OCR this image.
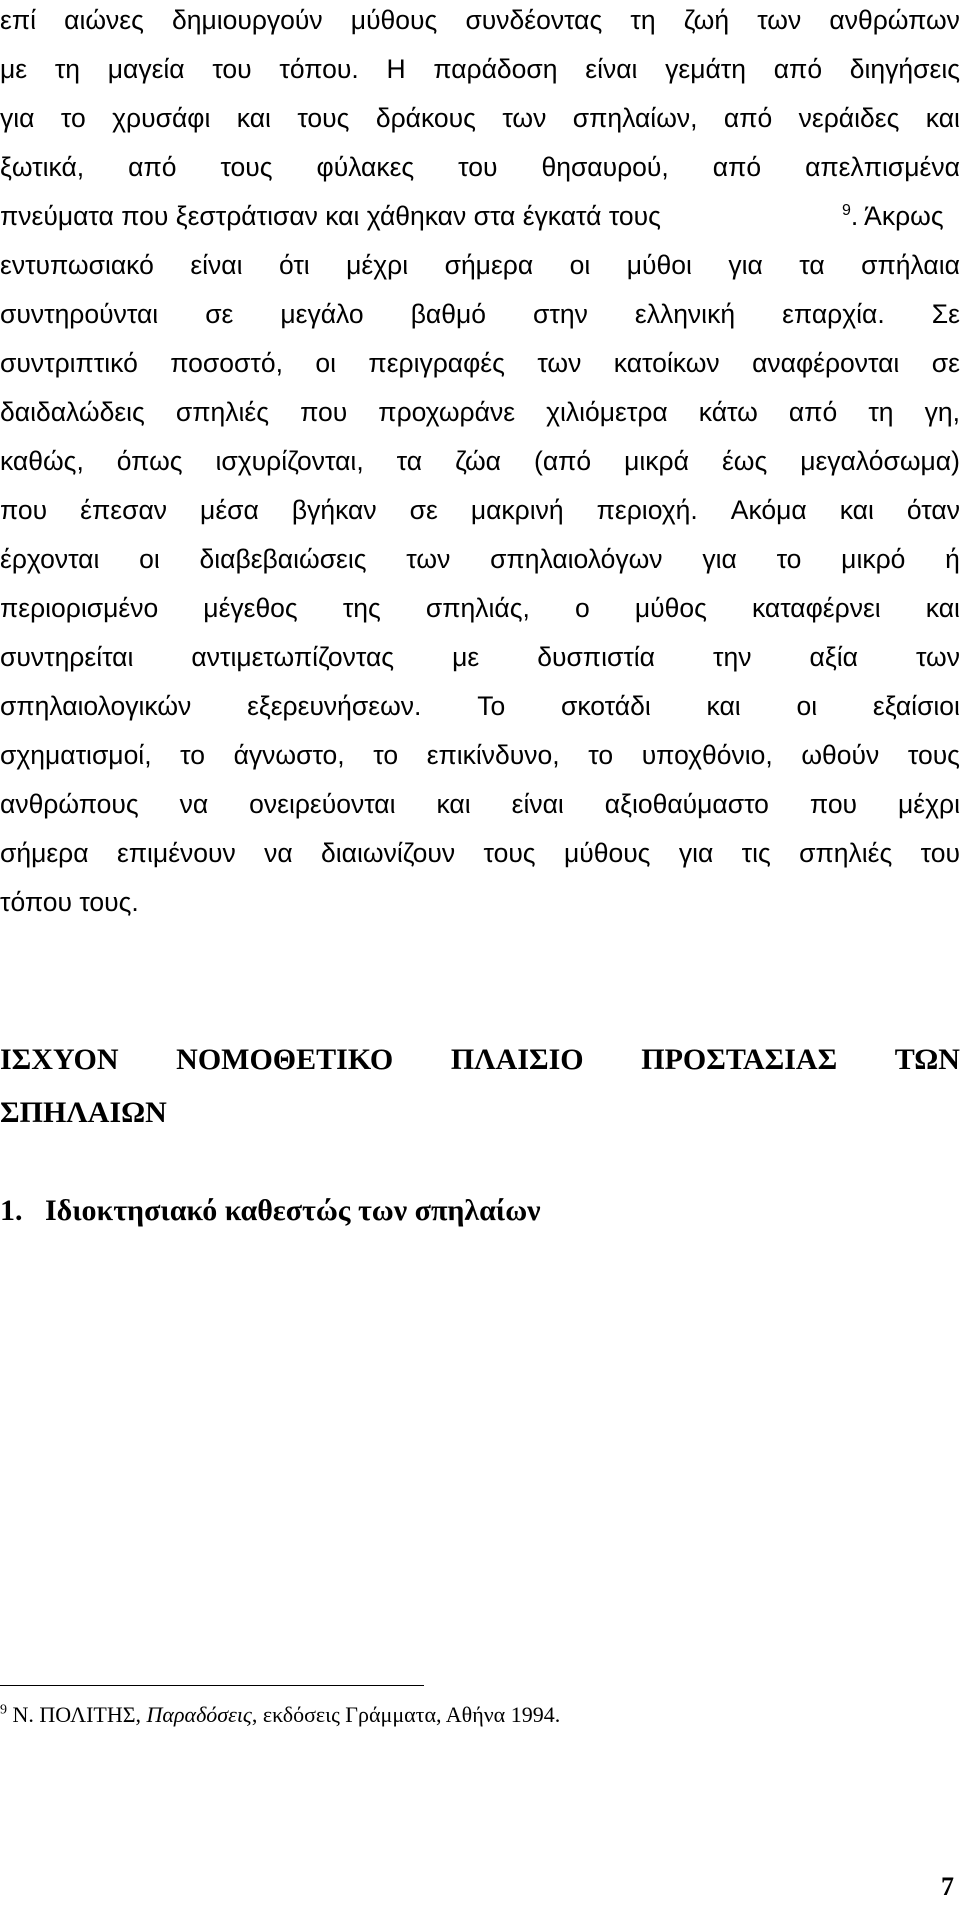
επί αιώνες δημιουργούν μύθους συνδέοντας τη ζωή των ανθρώπων
με τη μαγεία του τόπου. Η παράδοση είναι γεμάτη από διηγήσεις
για το χρυσάφι και τους δράκους των σπηλαίων, από νεράιδες και
ξωτικά, από τους φύλακες του θησαυρού, από απελπισμένα
πνεύματα που ξεστράτισαν και χάθηκαν στα έγκατά τους	$^9$. Άκρως
εντυπωσιακό είναι ότι μέχρι σήμερα οι μύθοι για τα σπήλαια
συντηρούνται σε μεγάλο βαθμό στην ελληνική επαρχία. Σε
συντριπτικό ποσοστό, οι περιγραφές των κατοίκων αναφέρονται σε
δαιδαλώδεις σπηλιές που προχωράνε χιλιόμετρα κάτω από τη γη,
καθώς, όπως ισχυρίζονται, τα ζώα (από μικρά έως μεγαλόσωμα)
που έπεσαν μέσα βγήκαν σε μακρινή περιοχή. Ακόμα και όταν
έρχονται οι διαβεβαιώσεις των σπηλαιολόγων για το μικρό ή
περιορισμένο μέγεθος της σπηλιάς, ο μύθος καταφέρνει και
συντηρείται αντιμετωπίζοντας με δυσπιστία την αξία των
σπηλαιολογικών εξερευνήσεων. Το σκοτάδι και οι εξαίσιοι
σχηματισμοί, το άγνωστο, το επικίνδυνο, το υποχθόνιο, ωθούν τους
ανθρώπους να ονειρεύονται και είναι αξιοθαύμαστο που μέχρι
σήμερα επιμένουν να διαιωνίζουν τους μύθους για τις σπηλιές του
τόπου τους.
ΙΣΧΥΟΝ ΝΟΜΟΘΕΤΙΚΟ ΠΛΑΙΣΙΟ ΠΡΟΣΤΑΣΙΑΣ ΤΩΝ
ΣΠΗΛΑΙΩΝ
1.   Ιδιοκτησιακό καθεστώς των σπηλαίων
$^9$ Ν. ΠΟΛΙΤΗΣ, Παραδόσεις, εκδόσεις Γράμματα, Αθήνα 1994.
7
